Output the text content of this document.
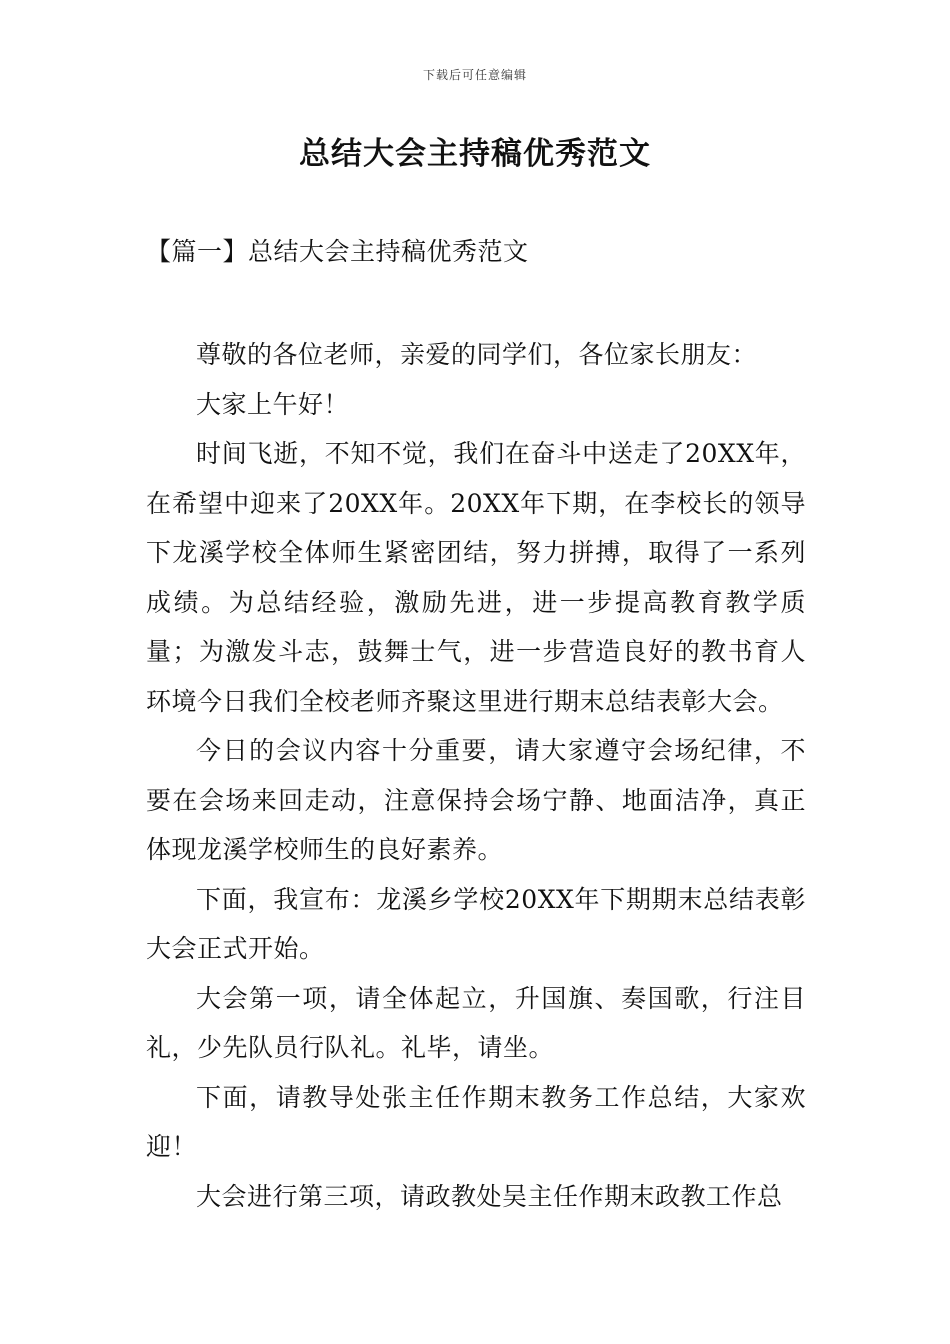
下载后可任意编辑
总结大会主持稿优秀范文
【篇一】总结大会主持稿优秀范文

尊敬的各位老师，亲爱的同学们，各位家长朋友：

大家上午好！

时间飞逝，不知不觉，我们在奋斗中送走了20XX年，在希望中迎来了20XX年。20XX年下期，在李校长的领导下龙溪学校全体师生紧密团结，努力拼搏，取得了一系列成绩。为总结经验，激励先进，进一步提高教育教学质量；为激发斗志，鼓舞士气，进一步营造良好的教书育人环境今日我们全校老师齐聚这里进行期末总结表彰大会。

今日的会议内容十分重要，请大家遵守会场纪律，不要在会场来回走动，注意保持会场宁静、地面洁净，真正体现龙溪学校师生的良好素养。

下面，我宣布：龙溪乡学校20XX年下期期末总结表彰大会正式开始。

大会第一项，请全体起立，升国旗、奏国歌，行注目礼，少先队员行队礼。礼毕，请坐。

下面，请教导处张主任作期末教务工作总结，大家欢迎！

大会进行第三项，请政教处吴主任作期末政教工作总
